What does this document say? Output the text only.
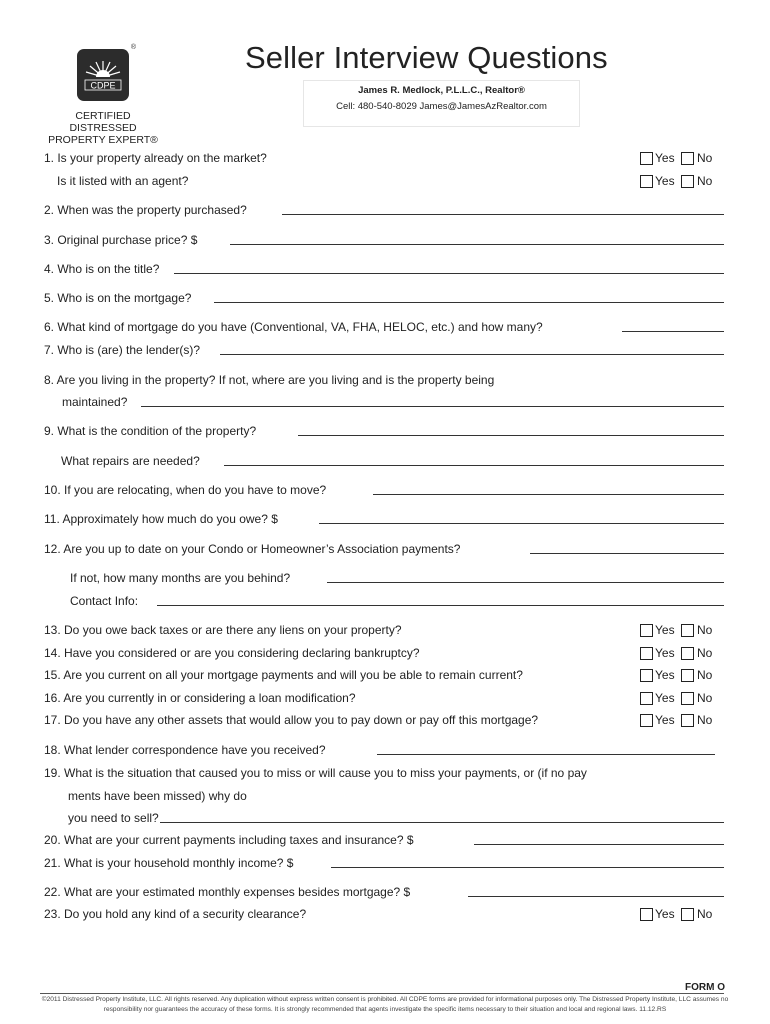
CDPE
®
CERTIFIED DISTRESSED
PROPERTY EXPERT®
Seller Interview Questions
James R. Medlock, P.L.L.C., Realtor®
Cell: 480-540-8029 James@JamesAzRealtor.com
1. Is your property already on the market?	Yes No
Is it listed with an agent?	Yes No
2. When was the property purchased?
3. Original purchase price? $
4. Who is on the title?
5. Who is on the mortgage?
6. What kind of mortgage do you have (Conventional, VA, FHA, HELOC, etc.) and how many?
7. Who is (are) the lender(s)?
8. Are you living in the property? If not, where are you living and is the property being
maintained?
9. What is the condition of the property?
What repairs are needed?
10. If you are relocating, when do you have to move?
11. Approximately how much do you owe? $
12. Are you up to date on your Condo or Homeowner’s Association payments?
If not, how many months are you behind?
Contact Info:
13. Do you owe back taxes or are there any liens on your property?	Yes No
14. Have you considered or are you considering declaring bankruptcy?	Yes No
15. Are you current on all your mortgage payments and will you be able to remain current?	Yes No
16. Are you currently in or considering a loan modification?	Yes No
17. Do you have any other assets that would allow you to pay down or pay off this mortgage?	Yes No
18. What lender correspondence have you received?
19. What is the situation that caused you to miss or will cause you to miss your payments, or (if no pay
ments have been missed) why do
you need to sell?
20. What are your current payments including taxes and insurance? $
21. What is your household monthly income? $
22. What are your estimated monthly expenses besides mortgage? $
23. Do you hold any kind of a security clearance?	Yes No
FORM O
©2011 Distressed Property Institute, LLC. All rights reserved. Any duplication without express written consent is prohibited. All CDPE forms are provided for informational purposes only. The Distressed Property Institute, LLC assumes no
responsibility nor guarantees the accuracy of these forms. It is strongly recommended that agents investigate the specific items necessary to their situation and local and regional laws. 11.12.RS
